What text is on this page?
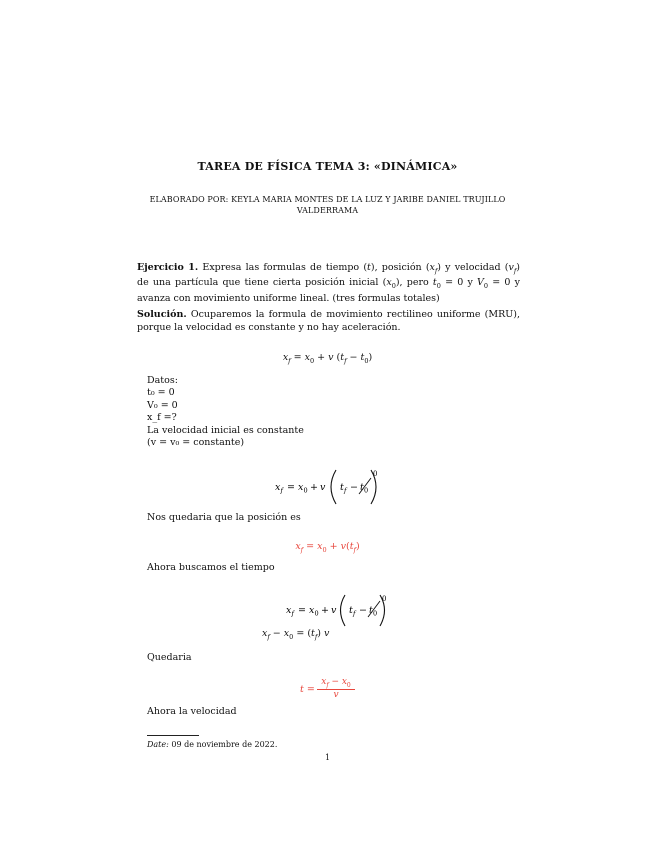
TAREA DE FÍSICA TEMA 3: «DINÁMICA»
ELABORADO POR: KEYLA MARIA MONTES DE LA LUZ Y JARIBE DANIEL TRUJILLO
VALDERRAMA
Ejercicio 1. Expresa las formulas de tiempo (t), posición $(x_f)$ y velocidad $(v_f)$ de una partícula que tiene cierta posición inicial $(x_0)$, pero $t_0 = 0$ y $V_0 = 0$ y avanza con movimiento uniforme lineal. (tres formulas totales)
Solución. Ocuparemos la formula de movimiento rectilineo uniforme (MRU), porque la velocidad es constante y no hay aceleración.
$x_f = x_0 + v$ $(t_f - t_0)$
Datos:
t₀ = 0
V₀ = 0
x_f =?
La velocidad inicial es constante
(v = v₀ = constante)
x f = x 0 + v t f − t 0
0
Nos quedaria que la posición es
$x_f = x_0 + v(t_f)$
Ahora buscamos el tiempo
x f = x 0 + v t f − t 0
0
$x_f - x_0 = (t_f)$ v
Quedaria
t =
$x_f - x_0$
v
Ahora la velocidad
Date: 09 de noviembre de 2022.
1
